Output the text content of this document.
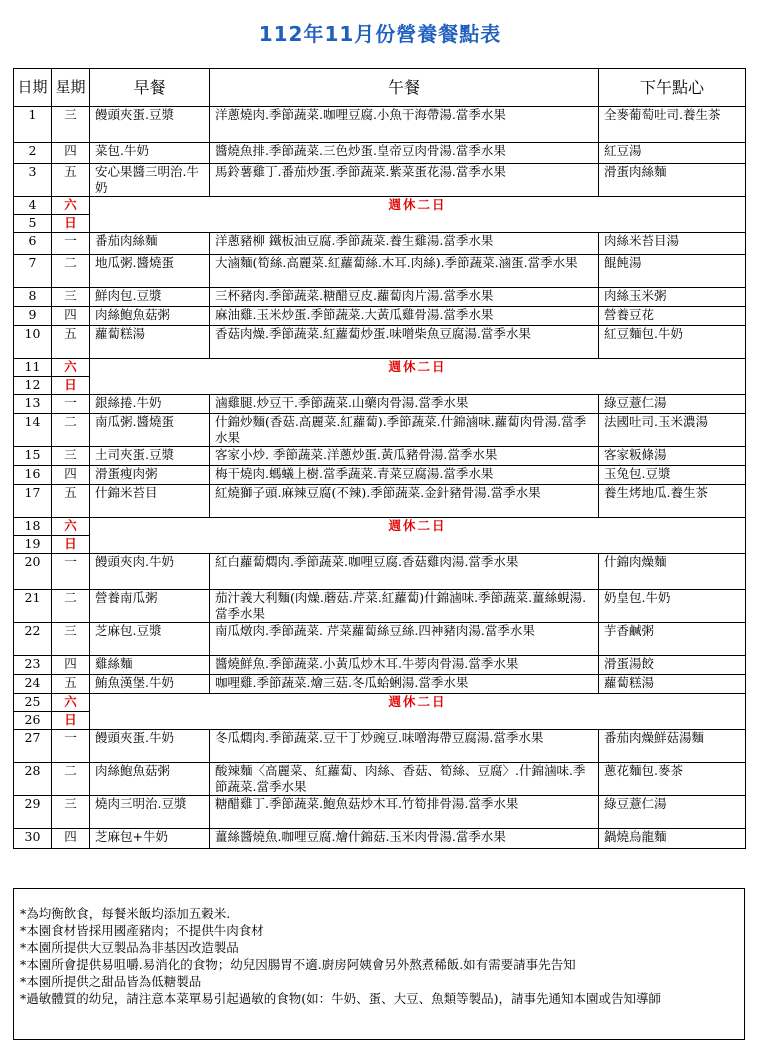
112年11月份營養餐點表
日期	星期	早餐	午餐	下午點心
1	三	饅頭夾蛋.豆漿	洋蔥燒肉.季節蔬菜.咖哩豆腐.小魚干海帶湯.當季水果	全麥葡萄吐司.養生茶
2	四	菜包.牛奶	醬燒魚排.季節蔬菜.三色炒蛋.皇帝豆肉骨湯.當季水果	紅豆湯
3	五	安心果醬三明治.牛奶	馬鈴薯雞丁.番茄炒蛋.季節蔬菜.紫菜蛋花湯.當季水果	滑蛋肉絲麵
4	六	週休二日		
5	日			
6	一	番茄肉絲麵	洋蔥豬柳 鐵板油豆腐.季節蔬菜.養生雞湯.當季水果	肉絲米苔目湯
7	二	地瓜粥.醬燒蛋	大滷麵(筍絲.高麗菜.紅蘿蔔絲.木耳.肉絲).季節蔬菜.滷蛋.當季水果	餛飩湯
8	三	鮮肉包.豆漿	三杯豬肉.季節蔬菜.糖醋豆皮.蘿蔔肉片湯.當季水果	肉絲玉米粥
9	四	肉絲鮑魚菇粥	麻油雞.玉米炒蛋.季節蔬菜.大黃瓜雞骨湯.當季水果	營養豆花
10	五	蘿蔔糕湯	香菇肉燥.季節蔬菜.紅蘿蔔炒蛋.味噌柴魚豆腐湯.當季水果	紅豆麵包.牛奶
11	六	週休二日		
12	日			
13	一	銀絲捲.牛奶	滷雞腿.炒豆干.季節蔬菜.山藥肉骨湯.當季水果	綠豆薏仁湯
14	二	南瓜粥.醬燒蛋	什錦炒麵(香菇.高麗菜.紅蘿蔔).季節蔬菜.什錦滷味.蘿蔔肉骨湯.當季水果	法國吐司.玉米濃湯
15	三	土司夾蛋.豆漿	客家小炒. 季節蔬菜.洋蔥炒蛋.黃瓜豬骨湯.當季水果	客家粄條湯
16	四	滑蛋瘦肉粥	梅干燒肉.螞蟻上樹.當季蔬菜.青菜豆腐湯.當季水果	玉兔包.豆漿
17	五	什錦米苔目	紅燒獅子頭.麻辣豆腐(不辣).季節蔬菜.金針豬骨湯.當季水果	養生烤地瓜.養生茶
18	六	週休二日		
19	日			
20	一	饅頭夾肉.牛奶	紅白蘿蔔燜肉.季節蔬菜.咖哩豆腐.香菇雞肉湯.當季水果	什錦肉燥麵
21	二	營養南瓜粥	茄汁義大利麵(肉燥.蘑菇.芹菜.紅蘿蔔)什錦滷味.季節蔬菜.薑絲蜆湯.當季水果	奶皇包.牛奶
22	三	芝麻包.豆漿	南瓜燉肉.季節蔬菜. 芹菜蘿蔔絲豆絲.四神豬肉湯.當季水果	芋香鹹粥
23	四	雞絲麵	醬燒鮮魚.季節蔬菜.小黃瓜炒木耳.牛蒡肉骨湯.當季水果	滑蛋湯餃
24	五	鮪魚漢堡.牛奶	咖哩雞.季節蔬菜.燴三菇.冬瓜蛤蜊湯.當季水果	蘿蔔糕湯
25	六	週休二日		
26	日			
27	一	饅頭夾蛋.牛奶	冬瓜燜肉.季節蔬菜.豆干丁炒豌豆.味噌海帶豆腐湯.當季水果	番茄肉燥鮮菇湯麵
28	二	肉絲鮑魚菇粥	酸辣麵〈高麗菜、紅蘿蔔、肉絲、香菇、筍絲、豆腐〉.什錦滷味.季節蔬菜.當季水果	蔥花麵包.麥茶
29	三	燒肉三明治.豆漿	糖醋雞丁.季節蔬菜.鮑魚菇炒木耳.竹筍排骨湯.當季水果	綠豆薏仁湯
30	四	芝麻包+牛奶	薑絲醬燒魚.咖哩豆腐.燴什錦菇.玉米肉骨湯.當季水果	鍋燒烏龍麵
*為均衡飲食，每餐米飯均添加五穀米.
*本園食材皆採用國產豬肉；不提供牛肉食材
*本園所提供大豆製品為非基因改造製品
*本園所會提供易咀嚼.易消化的食物；幼兒因腸胃不適.廚房阿姨會另外熬煮稀飯.如有需要請事先告知
*本園所提供之甜品皆為低糖製品
*過敏體質的幼兒，請注意本菜單易引起過敏的食物(如：牛奶、蛋、大豆、魚類等製品)，請事先通知本園或告知導師
